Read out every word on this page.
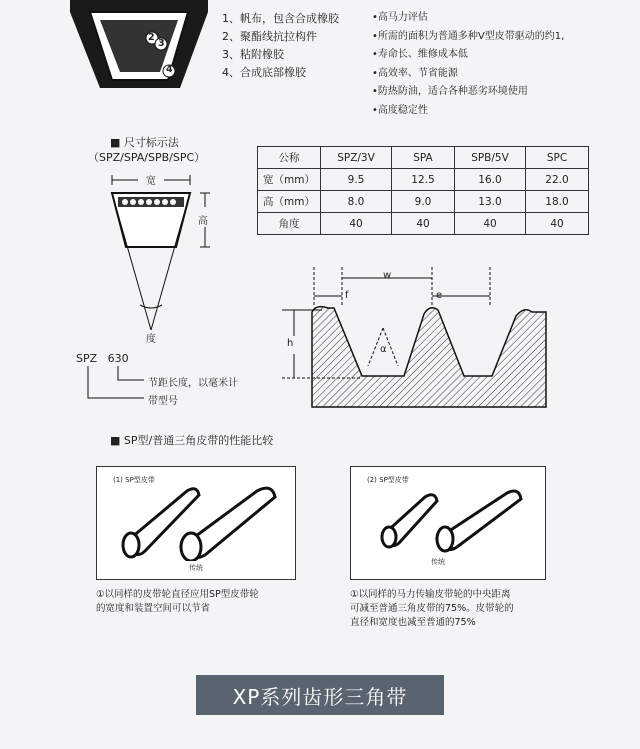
2
3
4
1、帆布，包含合成橡胶
2、聚酯线抗拉构件
3、粘附橡胶
4、合成底部橡胶
•高马力评估
•所需的面积为普通多种V型皮带驱动的约1,
•寿命长、维修成本低
•高效率、节省能源
•防热防油，适合各种恶劣环境使用
•高度稳定性
■ 尺寸标示法
（SPZ/SPA/SPB/SPC）
宽
高
度
SPZ   630
节距长度，以毫米计
带型号
公称	SPZ/3V	SPA	SPB/5V	SPC
宽（mm）	9.5	12.5	16.0	22.0
高（mm）	8.0	9.0	13.0	18.0
角度	40	40	40	40
w
f	e
h
α
■ SP型/普通三角皮带的性能比较
(1) SP型皮带
传统
①以同样的皮带轮直径应用SP型皮带轮
的宽度和装置空间可以节省
(2) SP型皮带
传统
①以同样的马力传输皮带轮的中央距离
可减至普通三角皮带的75%。皮带轮的
直径和宽度也减至普通的75%
XP系列齿形三角带
